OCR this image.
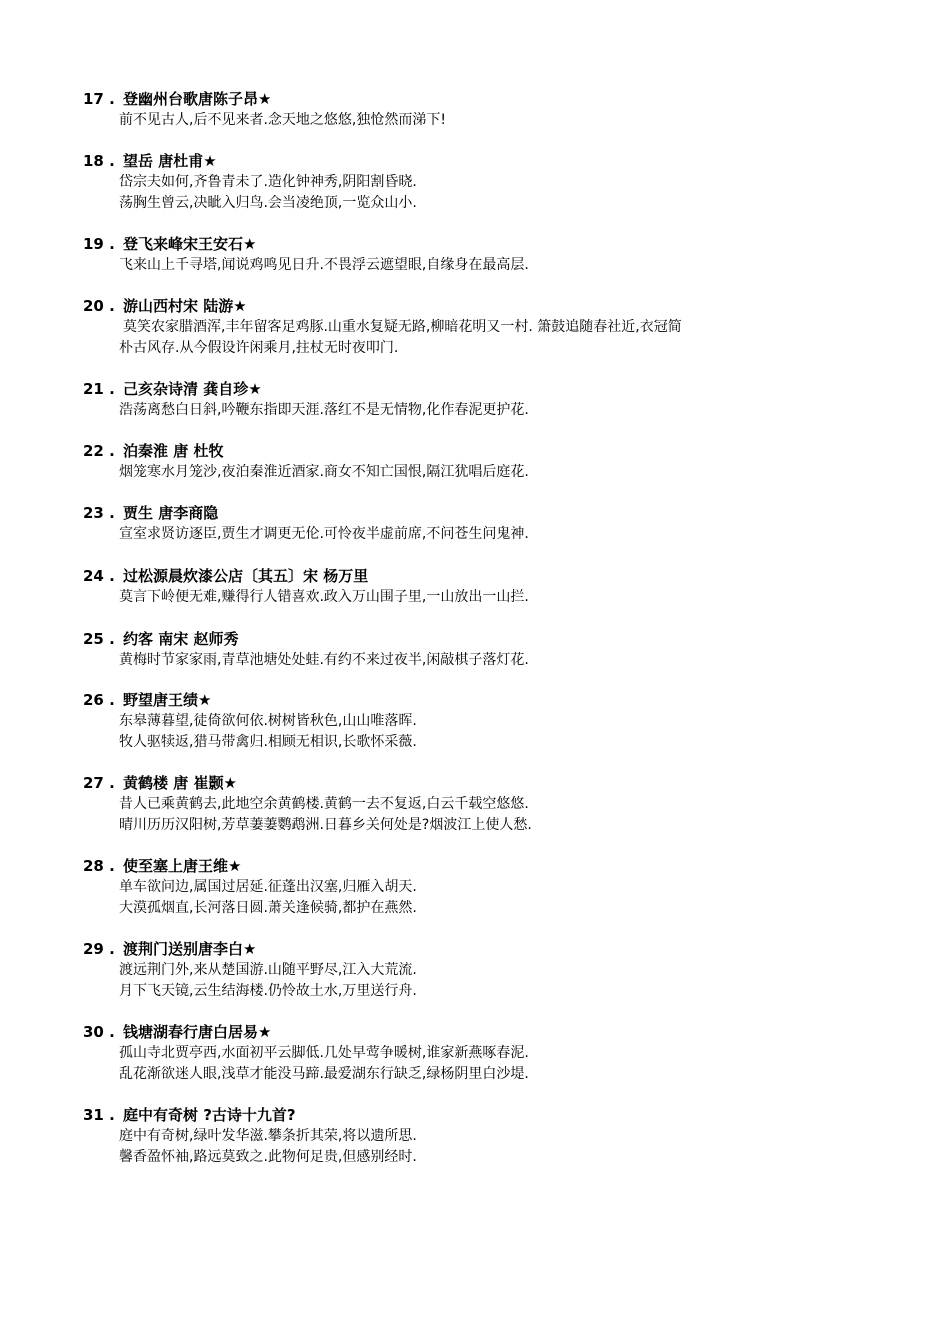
17 . 登幽州台歌唐陈子昂★
前不见古人,后不见来者.念天地之悠悠,独怆然而涕下!
18 . 望岳 唐杜甫★
岱宗夫如何,齐鲁青未了.造化钟神秀,阴阳割昏晓.
荡胸生曾云,决眦入归鸟.会当凌绝顶,一览众山小.
19 . 登飞来峰宋王安石★
飞来山上千寻塔,闻说鸡鸣见日升.不畏浮云遮望眼,自缘身在最高层.
20 . 游山西村宋 陆游★
莫笑农家腊酒浑,丰年留客足鸡豚.山重水复疑无路,柳暗花明又一村. 箫鼓追随春社近,衣冠简
朴古风存.从今假设许闲乘月,拄杖无时夜叩门.
21 . 己亥杂诗清 龚自珍★
浩荡离愁白日斜,吟鞭东指即天涯.落红不是无情物,化作春泥更护花.
22 . 泊秦淮 唐 杜牧
烟笼寒水月笼沙,夜泊秦淮近酒家.商女不知亡国恨,隔江犹唱后庭花.
23 . 贾生 唐李商隐
宣室求贤访逐臣,贾生才调更无伦.可怜夜半虚前席,不问苍生问鬼神.
24 . 过松源晨炊漆公店〔其五〕宋 杨万里
莫言下岭便无难,赚得行人错喜欢.政入万山围子里,一山放出一山拦.
25 . 约客 南宋 赵师秀
黄梅时节家家雨,青草池塘处处蛙.有约不来过夜半,闲敲棋子落灯花.
26 . 野望唐王绩★
东皋薄暮望,徒倚欲何依.树树皆秋色,山山唯落晖.
牧人驱犊返,猎马带禽归.相顾无相识,长歌怀采薇.
27 . 黄鹤楼 唐 崔颢★
昔人已乘黄鹤去,此地空余黄鹤楼.黄鹤一去不复返,白云千载空悠悠.
晴川历历汉阳树,芳草萋萋鹦鹉洲.日暮乡关何处是?烟波江上使人愁.
28 . 使至塞上唐王维★
单车欲问边,属国过居延.征蓬出汉塞,归雁入胡天.
大漠孤烟直,长河落日圆.萧关逢候骑,都护在燕然.
29 . 渡荆门送别唐李白★
渡远荆门外,来从楚国游.山随平野尽,江入大荒流.
月下飞天镜,云生结海楼.仍怜故土水,万里送行舟.
30 . 钱塘湖春行唐白居易★
孤山寺北贾亭西,水面初平云脚低.几处早莺争暖树,谁家新燕啄春泥.
乱花渐欲迷人眼,浅草才能没马蹄.最爱湖东行缺乏,绿杨阴里白沙堤.
31 . 庭中有奇树 ?古诗十九首?
庭中有奇树,绿叶发华滋.攀条折其荣,将以遗所思.
馨香盈怀袖,路远莫致之.此物何足贵,但感别经时.
